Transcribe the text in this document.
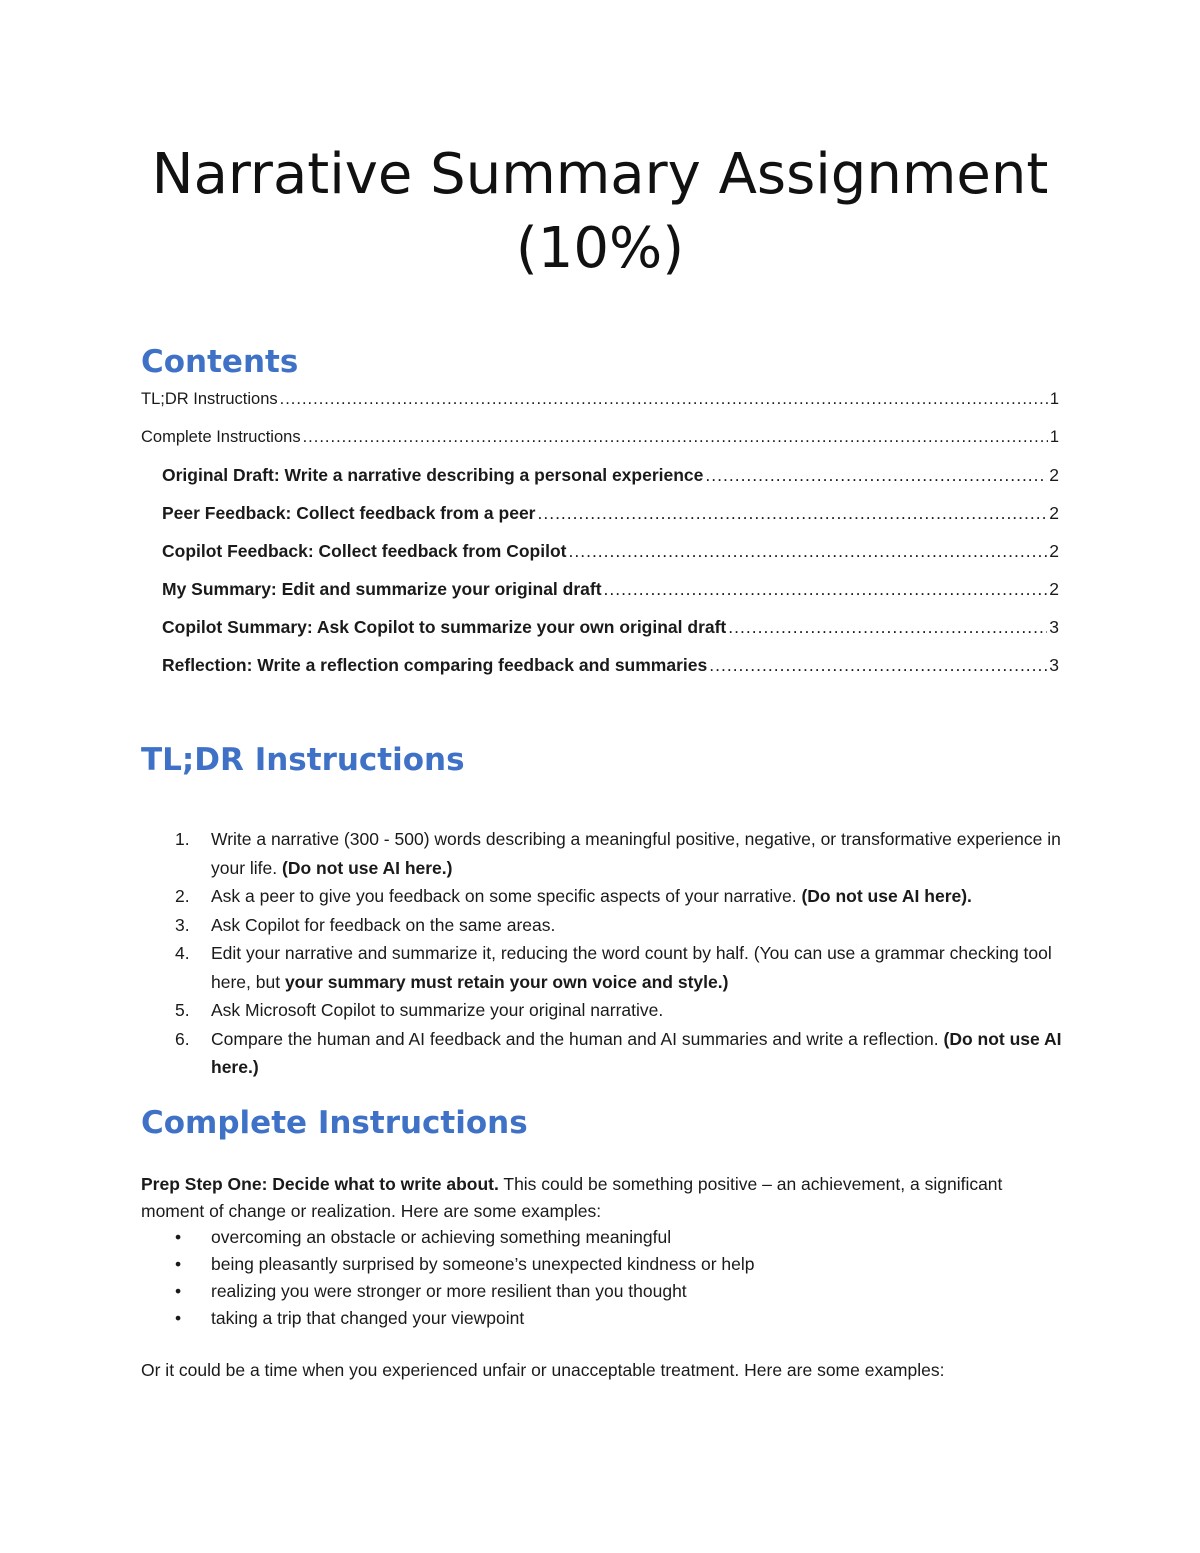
Narrative Summary Assignment
(10%)
Contents
TL;DR Instructions .....	1
Complete Instructions .....	1
Original Draft: Write a narrative describing a personal experience .....	2
Peer Feedback: Collect feedback from a peer .....	2
Copilot Feedback: Collect feedback from Copilot .....	2
My Summary: Edit and summarize your original draft .....	2
Copilot Summary: Ask Copilot to summarize your own original draft .....	3
Reflection: Write a reflection comparing feedback and summaries .....	3
TL;DR Instructions
1. Write a narrative (300 - 500) words describing a meaningful positive, negative, or transformative experience in your life. (Do not use AI here.)
2. Ask a peer to give you feedback on some specific aspects of your narrative. (Do not use AI here).
3. Ask Copilot for feedback on the same areas.
4. Edit your narrative and summarize it, reducing the word count by half. (You can use a grammar checking tool here, but your summary must retain your own voice and style.)
5. Ask Microsoft Copilot to summarize your original narrative.
6. Compare the human and AI feedback and the human and AI summaries and write a reflection. (Do not use AI here.)
Complete Instructions

Prep Step One: Decide what to write about. This could be something positive – an achievement, a significant moment of change or realization. Here are some examples:

• overcoming an obstacle or achieving something meaningful
• being pleasantly surprised by someone’s unexpected kindness or help
• realizing you were stronger or more resilient than you thought
• taking a trip that changed your viewpoint

Or it could be a time when you experienced unfair or unacceptable treatment. Here are some examples:
